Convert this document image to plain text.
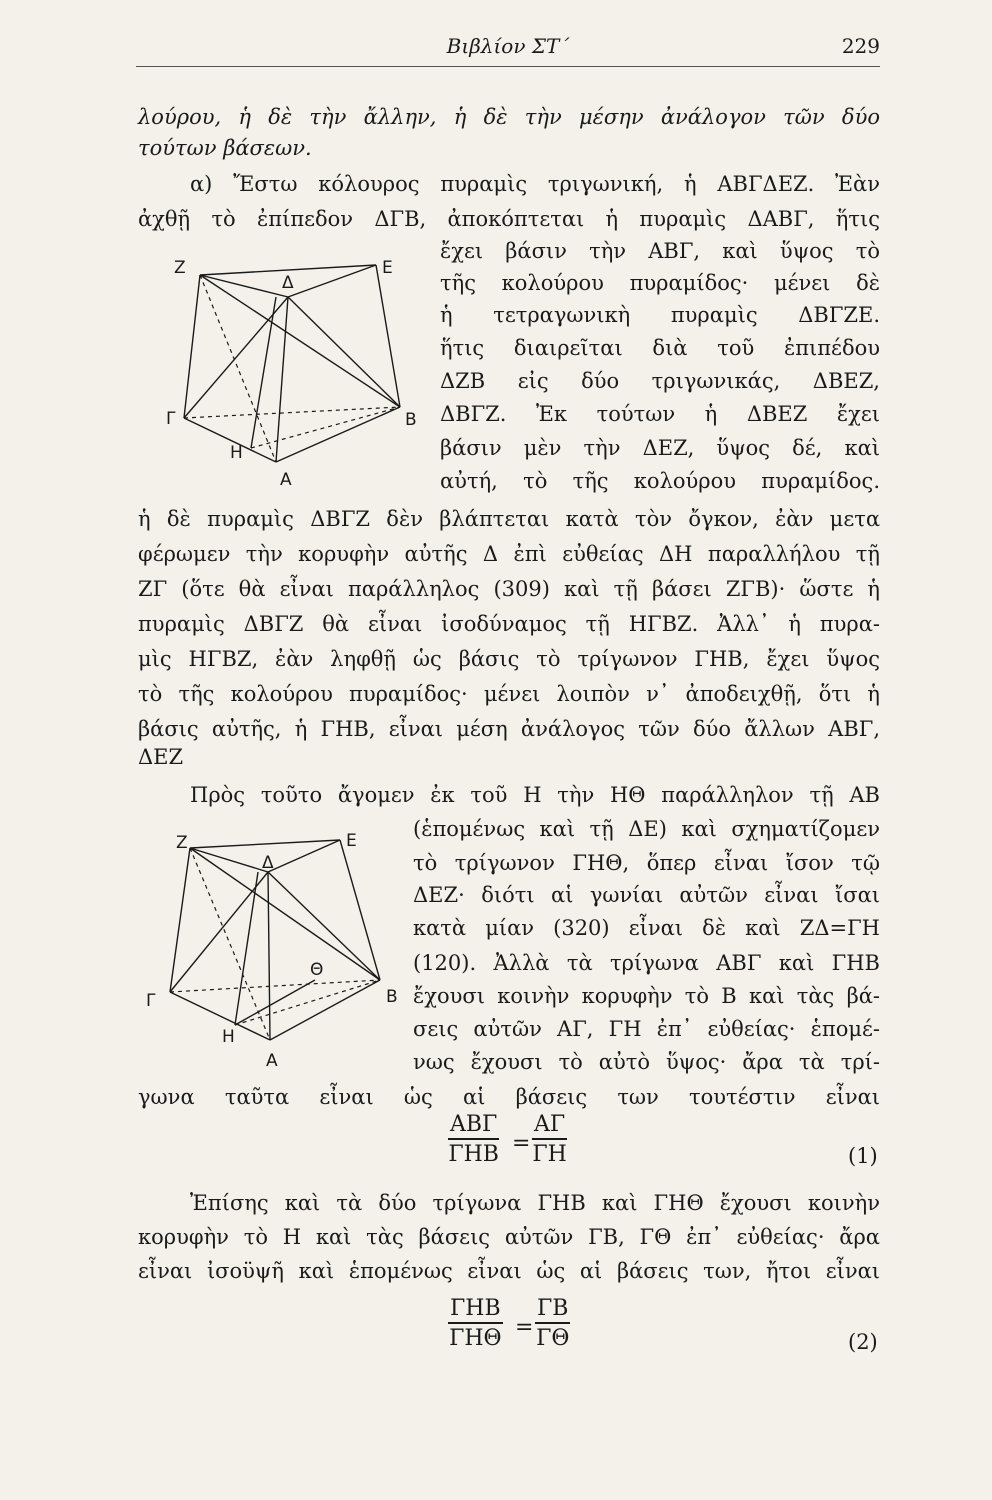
Βιβλίον ΣΤ΄	229
λούρου, ἡ δὲ τὴν ἄλλην, ἡ δὲ τὴν μέσην ἀνάλογον τῶν δύο
τούτων βάσεων.
α) Ἔστω κόλουρος πυραμὶς τριγωνική, ἡ ΑΒΓΔΕΖ. Ἐὰν
ἀχθῇ τὸ ἐπίπεδον ΔΓΒ, ἀποκόπτεται ἡ πυραμὶς ΔΑΒΓ, ἥτις
Ζ	Ε
Δ
Γ	Β
Η
Α
ἔχει βάσιν τὴν ΑΒΓ, καὶ ὕψος τὸ
τῆς κολούρου πυραμίδος· μένει δὲ
ἡ τετραγωνικὴ πυραμὶς ΔΒΓΖΕ.
ἥτις διαιρεῖται διὰ τοῦ ἐπιπέδου
ΔΖΒ εἰς δύο τριγωνικάς, ΔΒΕΖ,
ΔΒΓΖ. Ἐκ τούτων ἡ ΔΒΕΖ ἔχει
βάσιν μὲν τὴν ΔΕΖ, ὕψος δέ, καὶ
αὐτή, τὸ τῆς κολούρου πυραμίδος.
ἡ δὲ πυραμὶς ΔΒΓΖ δὲν βλάπτεται κατὰ τὸν ὄγκον, ἐὰν μετα
φέρωμεν τὴν κορυφὴν αὐτῆς Δ ἐπὶ εὐθείας ΔΗ παραλλήλου τῇ
ΖΓ (ὅτε θὰ εἶναι παράλληλος (309) καὶ τῇ βάσει ΖΓΒ)· ὥστε ἡ
πυραμὶς ΔΒΓΖ θὰ εἶναι ἰσοδύναμος τῇ ΗΓΒΖ. Ἀλλ᾽ ἡ πυρα-
μὶς ΗΓΒΖ, ἐὰν ληφθῇ ὡς βάσις τὸ τρίγωνον ΓΗΒ, ἔχει ὕψος
τὸ τῆς κολούρου πυραμίδος· μένει λοιπὸν ν᾽ ἀποδειχθῇ, ὅτι ἡ
βάσις αὐτῆς, ἡ ΓΗΒ, εἶναι μέση ἀνάλογος τῶν δύο ἄλλων ΑΒΓ,
ΔΕΖ
Πρὸς τοῦτο ἄγομεν ἐκ τοῦ Η τὴν ΗΘ παράλληλον τῇ ΑΒ
Ζ	Ε
Δ
Θ
Γ	Β
Η
Α
(ἑπομένως καὶ τῇ ΔΕ) καὶ σχηματίζομεν
τὸ τρίγωνον ΓΗΘ, ὅπερ εἶναι ἴσον τῷ
ΔΕΖ· διότι αἱ γωνίαι αὐτῶν εἶναι ἴσαι
κατὰ μίαν (320) εἶναι δὲ καὶ ΖΔ=ΓΗ
(120). Ἀλλὰ τὰ τρίγωνα ΑΒΓ καὶ ΓΗΒ
ἔχουσι κοινὴν κορυφὴν τὸ Β καὶ τὰς βά-
σεις αὐτῶν ΑΓ, ΓΗ ἐπ᾽ εὐθείας· ἑπομέ-
νως ἔχουσι τὸ αὐτὸ ὕψος· ἄρα τὰ τρί-
γωνα ταῦτα εἶναι ὡς αἱ βάσεις των τουτέστιν εἶναι
ΑΒΓ
$\Gamma HB = \frac{A\Gamma}{\Gamma H}$	(1)
Ἐπίσης καὶ τὰ δύο τρίγωνα ΓΗΒ καὶ ΓΗΘ ἔχουσι κοινὴν
κορυφὴν τὸ Η καὶ τὰς βάσεις αὐτῶν ΓΒ, ΓΘ ἐπ᾽ εὐθείας· ἄρα
εἶναι ἰσοϋψῆ καὶ ἑπομένως εἶναι ὡς αἱ βάσεις των, ἤτοι εἶναι
ΓΗΒ
$\Gamma H\Theta = \frac{\Gamma B}{\Gamma\Theta}$	(2)
